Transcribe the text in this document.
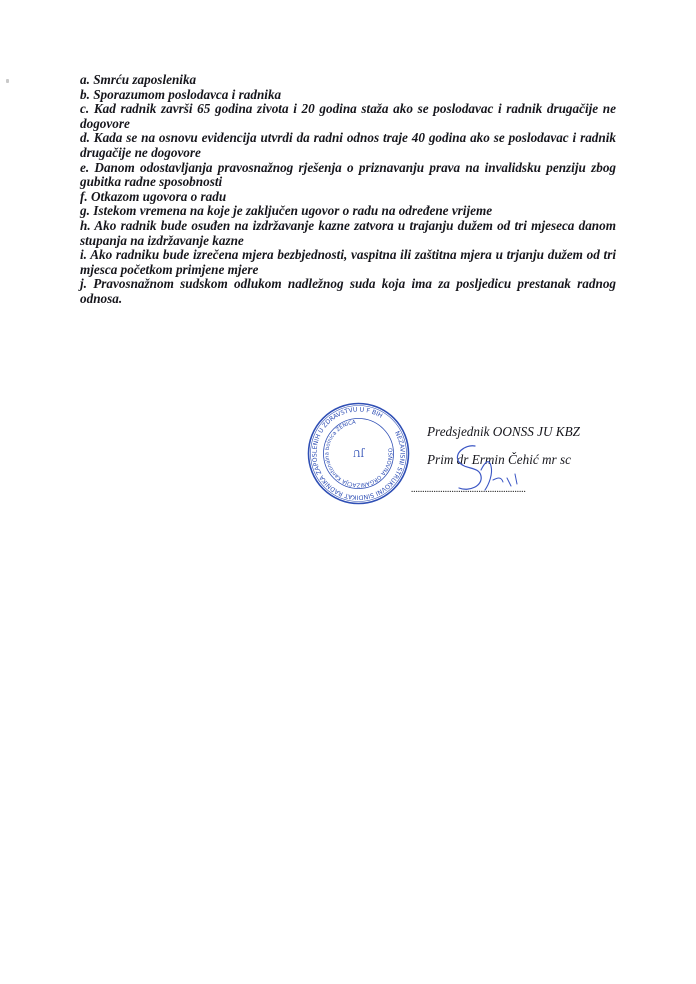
a. Smrću zaposlenika

b. Sporazumom poslodavca i radnika

c. Kad radnik završi 65 godina zivota i 20 godina staža ako se poslodavac i radnik drugačije ne dogovore

d. Kada se na osnovu evidencija utvrdi da radni odnos traje 40 godina ako se poslodavac i radnik drugačije ne dogovore

e. Danom odostavljanja pravosnažnog rješenja o priznavanju prava na invalidsku penziju zbog gubitka radne sposobnosti

f. Otkazom ugovora o radu

g. Istekom vremena na koje je zaključen ugovor o radu na određene vrijeme

h. Ako radnik bude osuđen na izdržavanje kazne zatvora u trajanju dužem od tri mjeseca danom stupanja na izdržavanje kazne

i. Ako radniku bude izrečena mjera bezbjednosti, vaspitna ili zaštitna mjera u trjanju dužem od tri mjesca početkom primjene mjere

j. Pravosnažnom sudskom odlukom nadležnog suda koja ima za posljedicu prestanak radnog odnosa.

NEZAVISNI STRUKOVNI SINDIKAT RADNIKA ZAPOSLENIH U ZDRAVSTVU U F BIH
OSNOVNA ORGANIZACIJA Kantonalna bolnica ZENICA
JU
Predsjednik OONSS JU KBZ
Prim dr Ermin Čehić mr sc
...................................................
